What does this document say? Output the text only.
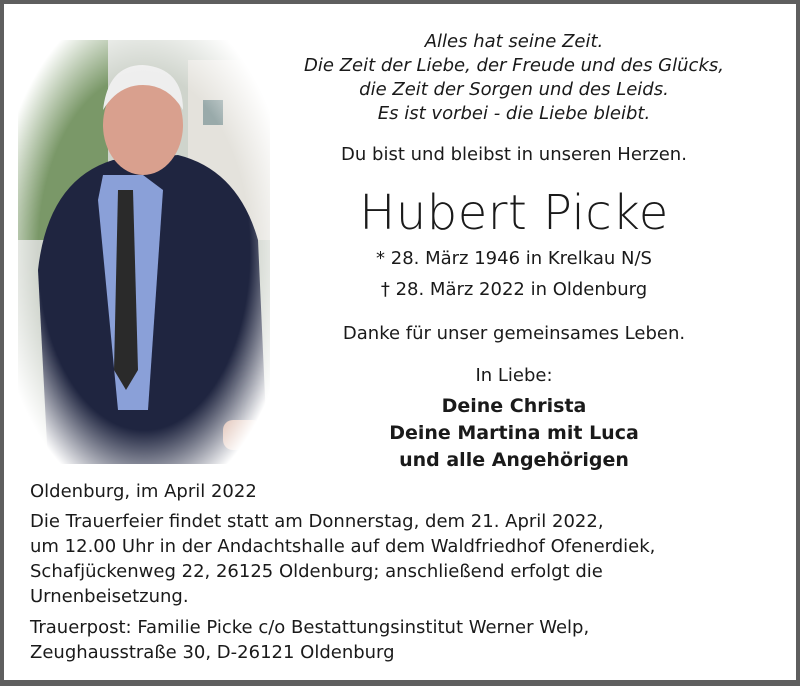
Alles hat seine Zeit.
Die Zeit der Liebe, der Freude und des Glücks,
die Zeit der Sorgen und des Leids.
Es ist vorbei - die Liebe bleibt.
Du bist und bleibst in unseren Herzen.
Hubert Picke
* 28. März 1946 in Krelkau N/S
† 28. März 2022 in Oldenburg
Danke für unser gemeinsames Leben.
In Liebe:
Deine Christa
Deine Martina mit Luca
und alle Angehörigen
Oldenburg, im April 2022
Die Trauerfeier findet statt am Donnerstag, dem 21. April 2022,
um 12.00 Uhr in der Andachtshalle auf dem Waldfriedhof Ofenerdiek,
Schafjückenweg 22, 26125 Oldenburg; anschließend erfolgt die
Urnenbeisetzung.
Trauerpost: Familie Picke c/o Bestattungsinstitut Werner Welp,
Zeughausstraße 30, D-26121 Oldenburg
